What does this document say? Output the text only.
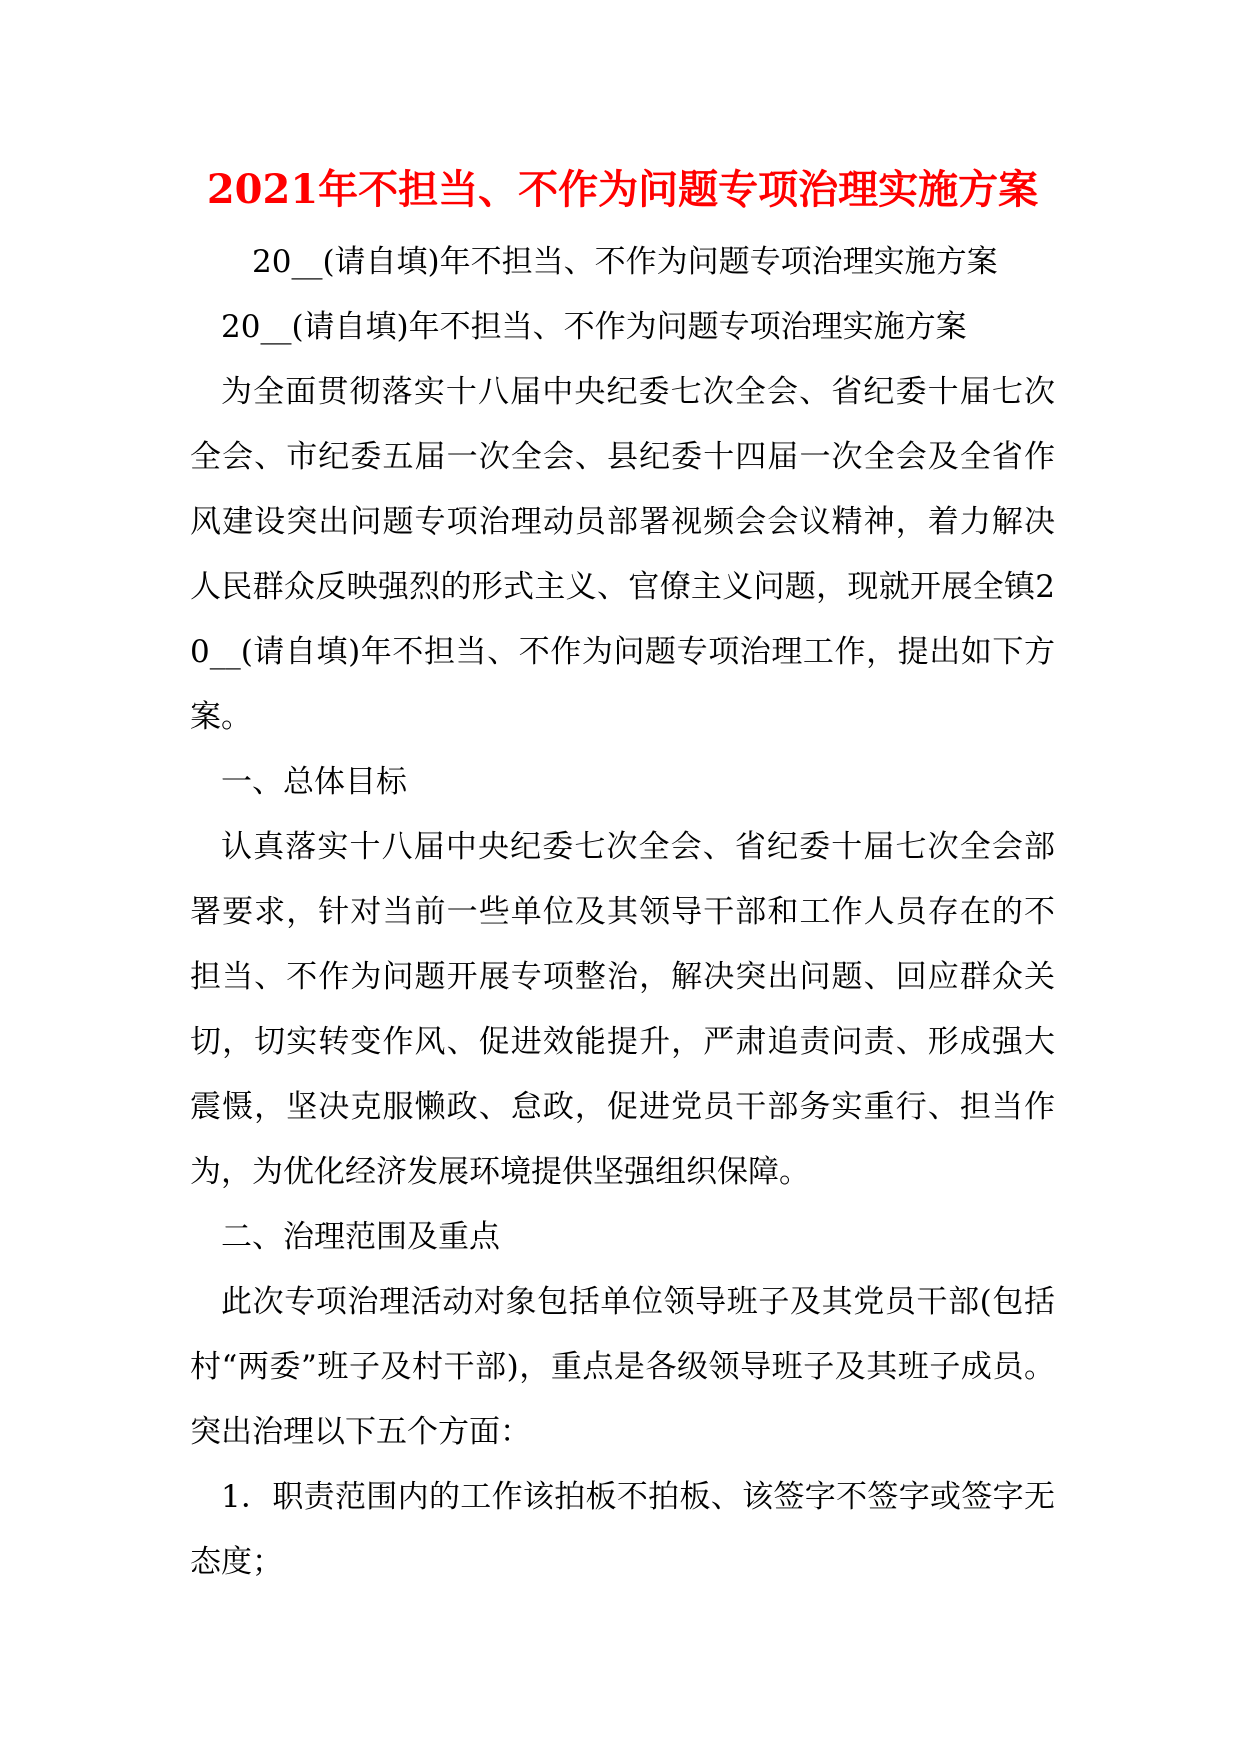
2021年不担当、不作为问题专项治理实施方案

20__(请自填)年不担当、不作为问题专项治理实施方案

20__(请自填)年不担当、不作为问题专项治理实施方案

为全面贯彻落实十八届中央纪委七次全会、省纪委十届七次全会、市纪委五届一次全会、县纪委十四届一次全会及全省作风建设突出问题专项治理动员部署视频会会议精神，着力解决人民群众反映强烈的形式主义、官僚主义问题，现就开展全镇20__(请自填)年不担当、不作为问题专项治理工作，提出如下方案。

一、总体目标

认真落实十八届中央纪委七次全会、省纪委十届七次全会部署要求，针对当前一些单位及其领导干部和工作人员存在的不担当、不作为问题开展专项整治，解决突出问题、回应群众关切，切实转变作风、促进效能提升，严肃追责问责、形成强大震慑，坚决克服懒政、怠政，促进党员干部务实重行、担当作为，为优化经济发展环境提供坚强组织保障。

二、治理范围及重点

此次专项治理活动对象包括单位领导班子及其党员干部(包括村“两委”班子及村干部)，重点是各级领导班子及其班子成员。突出治理以下五个方面：

1．职责范围内的工作该拍板不拍板、该签字不签字或签字无态度；
